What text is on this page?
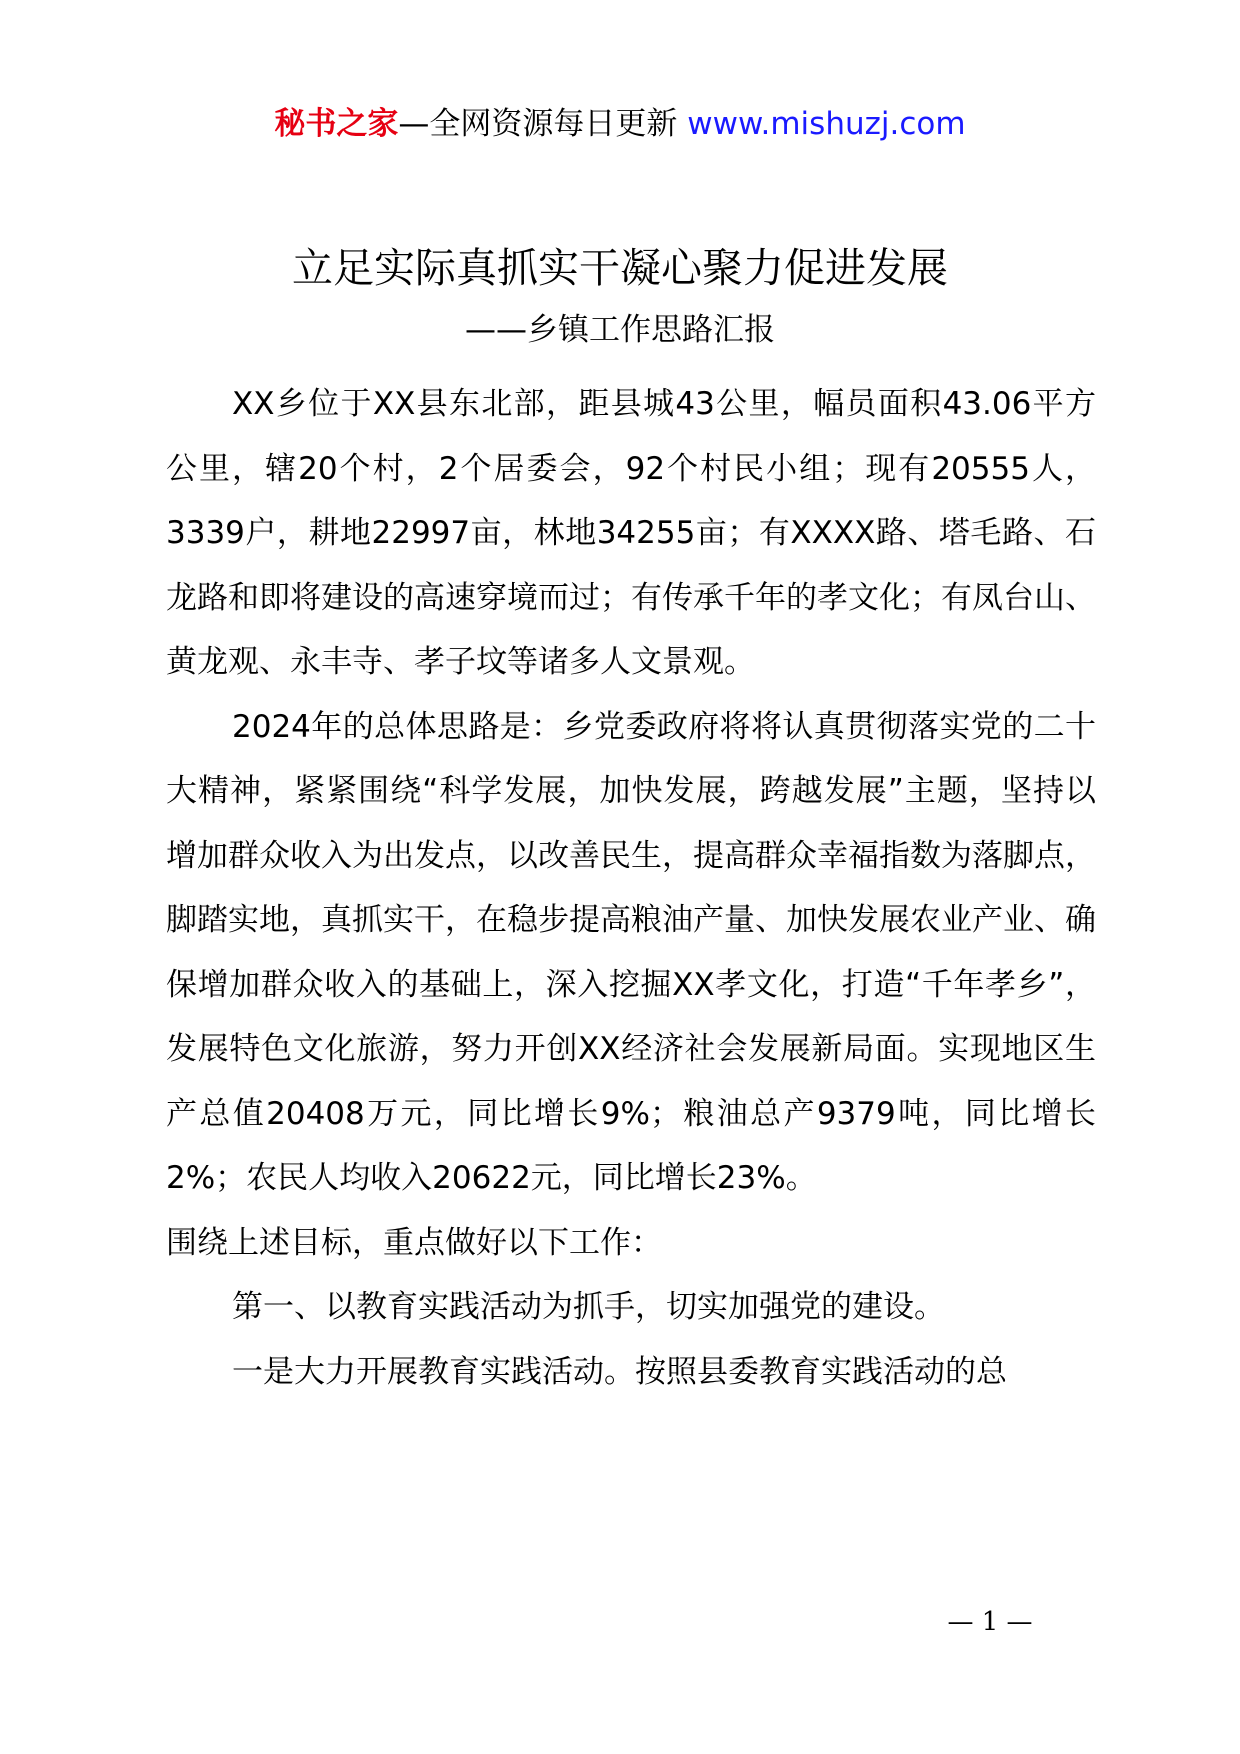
秘书之家—全网资源每日更新 www.mishuzj.com
立足实际真抓实干凝心聚力促进发展
——乡镇工作思路汇报

XX乡位于XX县东北部，距县城43公里，幅员面积43.06平方公里，辖20个村，2个居委会，92个村民小组；现有20555人，3339户，耕地22997亩，林地34255亩；有XXXX路、塔毛路、石龙路和即将建设的高速穿境而过；有传承千年的孝文化；有凤台山、黄龙观、永丰寺、孝子坟等诸多人文景观。

2024年的总体思路是：乡党委政府将将认真贯彻落实党的二十大精神，紧紧围绕“科学发展，加快发展，跨越发展”主题，坚持以增加群众收入为出发点，以改善民生，提高群众幸福指数为落脚点，脚踏实地，真抓实干，在稳步提高粮油产量、加快发展农业产业、确保增加群众收入的基础上，深入挖掘XX孝文化，打造“千年孝乡”，发展特色文化旅游，努力开创XX经济社会发展新局面。实现地区生产总值20408万元，同比增长9%；粮油总产9379吨，同比增长2%；农民人均收入20622元，同比增长23%。

围绕上述目标，重点做好以下工作：

第一、以教育实践活动为抓手，切实加强党的建设。

一是大力开展教育实践活动。按照县委教育实践活动的总

— 1 —
